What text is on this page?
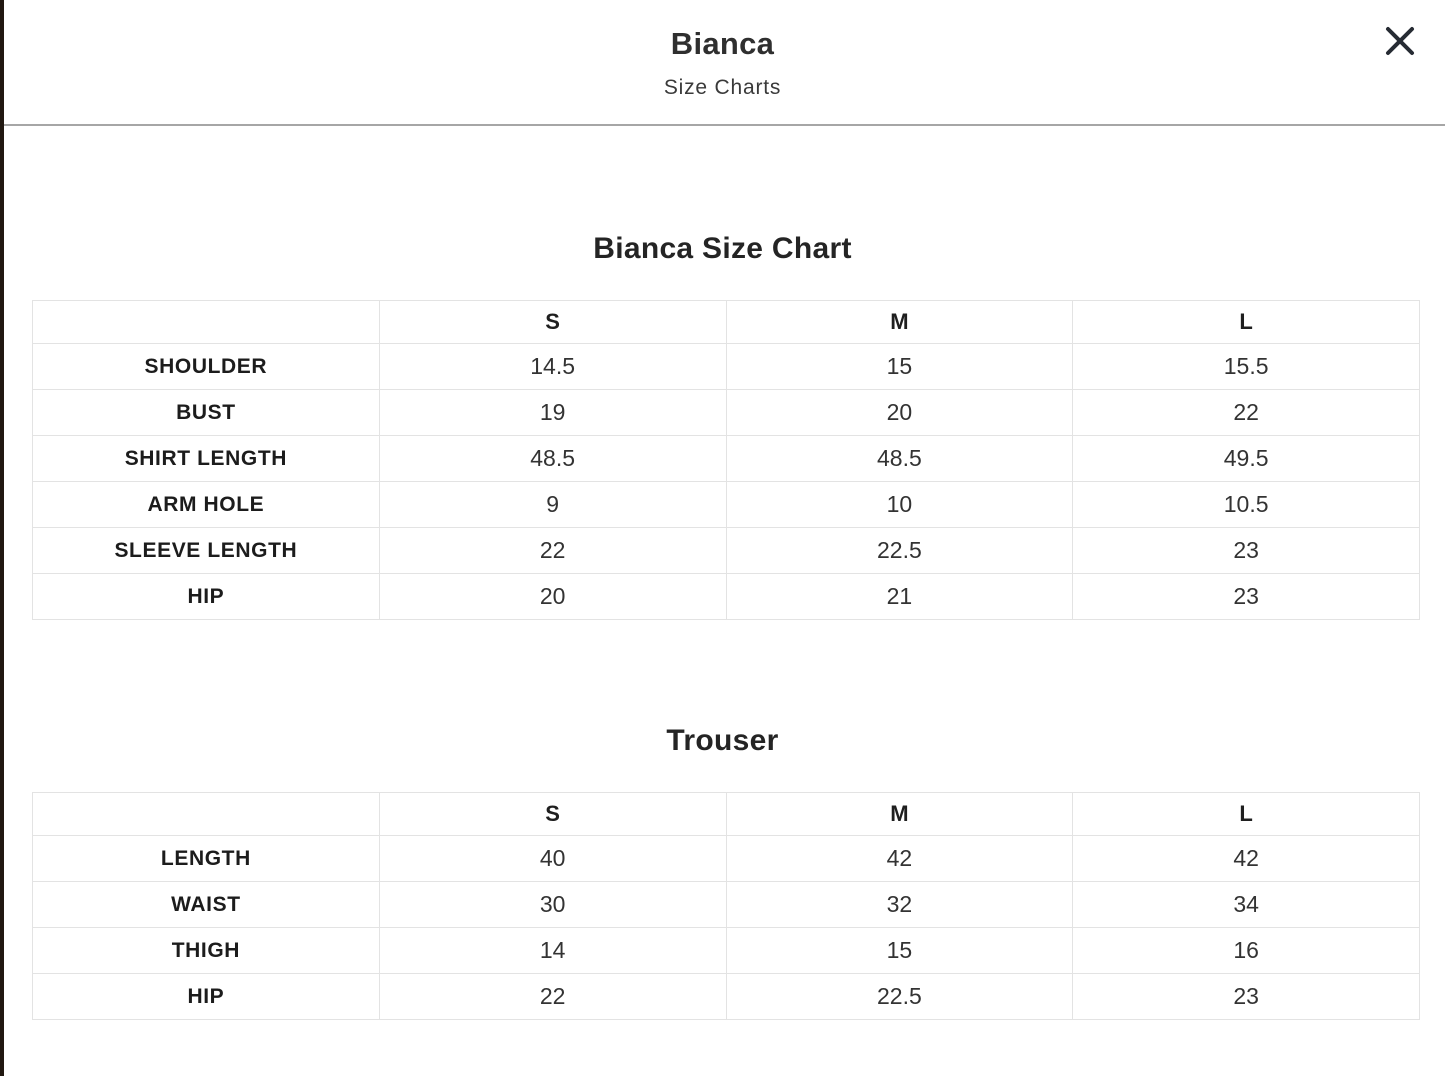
Bianca
Size Charts
Bianca Size Chart
	S	M	L
SHOULDER	14.5	15	15.5
BUST	19	20	22
SHIRT LENGTH	48.5	48.5	49.5
ARM HOLE	9	10	10.5
SLEEVE LENGTH	22	22.5	23
HIP	20	21	23
Trouser
	S	M	L
LENGTH	40	42	42
WAIST	30	32	34
THIGH	14	15	16
HIP	22	22.5	23
